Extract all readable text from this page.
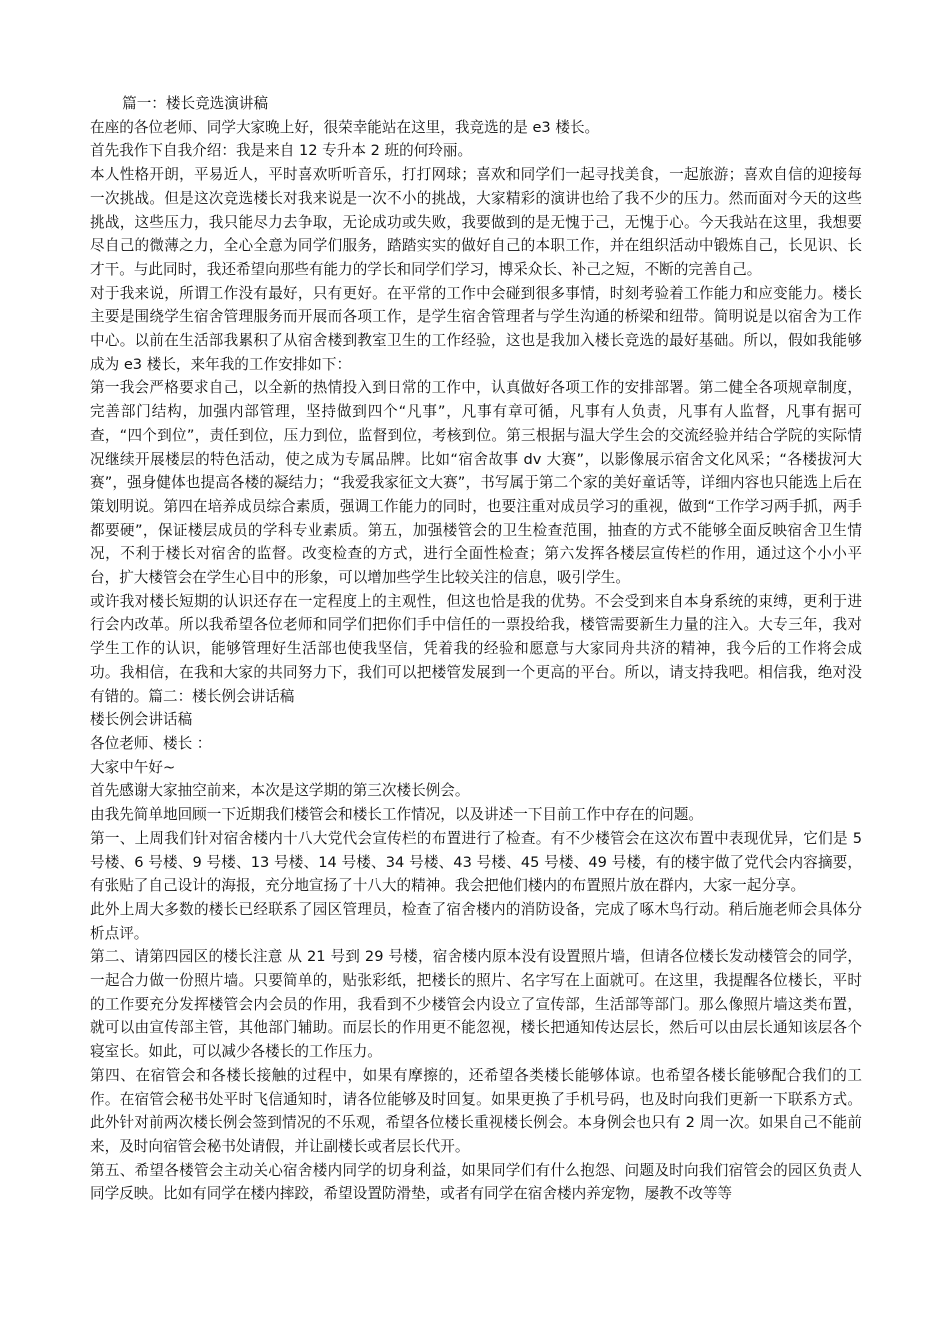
篇一：楼长竞选演讲稿

在座的各位老师、同学大家晚上好，很荣幸能站在这里，我竞选的是 e3 楼长。

首先我作下自我介绍：我是来自 12 专升本 2 班的何玲丽。

本人性格开朗，平易近人，平时喜欢听听音乐，打打网球；喜欢和同学们一起寻找美食，一起旅游；喜欢自信的迎接每一次挑战。但是这次竞选楼长对我来说是一次不小的挑战，大家精彩的演讲也给了我不少的压力。然而面对今天的这些挑战，这些压力，我只能尽力去争取，无论成功或失败，我要做到的是无愧于己，无愧于心。今天我站在这里，我想要尽自己的微薄之力，全心全意为同学们服务，踏踏实实的做好自己的本职工作，并在组织活动中锻炼自己，长见识、长才干。与此同时，我还希望向那些有能力的学长和同学们学习，博采众长、补己之短，不断的完善自己。

对于我来说，所谓工作没有最好，只有更好。在平常的工作中会碰到很多事情，时刻考验着工作能力和应变能力。楼长主要是围绕学生宿舍管理服务而开展而各项工作，是学生宿舍管理者与学生沟通的桥梁和纽带。简明说是以宿舍为工作中心。以前在生活部我累积了从宿舍楼到教室卫生的工作经验，这也是我加入楼长竞选的最好基础。所以，假如我能够成为 e3 楼长，来年我的工作安排如下：

第一我会严格要求自己，以全新的热情投入到日常的工作中，认真做好各项工作的安排部署。第二健全各项规章制度，完善部门结构，加强内部管理，坚持做到四个“凡事”，凡事有章可循，凡事有人负责，凡事有人监督，凡事有据可查，“四个到位”，责任到位，压力到位，监督到位，考核到位。第三根据与温大学生会的交流经验并结合学院的实际情况继续开展楼层的特色活动，使之成为专属品牌。比如“宿舍故事 dv 大赛”，以影像展示宿舍文化风采；“各楼拔河大赛”，强身健体也提高各楼的凝结力；“我爱我家征文大赛”，书写属于第二个家的美好童话等，详细内容也只能选上后在策划明说。第四在培养成员综合素质，强调工作能力的同时，也要注重对成员学习的重视，做到“工作学习两手抓，两手都要硬”，保证楼层成员的学科专业素质。第五，加强楼管会的卫生检查范围，抽查的方式不能够全面反映宿舍卫生情况，不利于楼长对宿舍的监督。改变检查的方式，进行全面性检查；第六发挥各楼层宣传栏的作用，通过这个小小平台，扩大楼管会在学生心目中的形象，可以增加些学生比较关注的信息，吸引学生。

或许我对楼长短期的认识还存在一定程度上的主观性，但这也恰是我的优势。不会受到来自本身系统的束缚，更利于进行会内改革。所以我希望各位老师和同学们把你们手中信任的一票投给我，楼管需要新生力量的注入。大专三年，我对学生工作的认识，能够管理好生活部也使我坚信，凭着我的经验和愿意与大家同舟共济的精神，我今后的工作将会成功。我相信，在我和大家的共同努力下，我们可以把楼管发展到一个更高的平台。所以，请支持我吧。相信我，绝对没有错的。篇二：楼长例会讲话稿

楼长例会讲话稿

各位老师、楼长 ：

大家中午好~

首先感谢大家抽空前来，本次是这学期的第三次楼长例会。

由我先简单地回顾一下近期我们楼管会和楼长工作情况，以及讲述一下目前工作中存在的问题。

第一、上周我们针对宿舍楼内十八大党代会宣传栏的布置进行了检查。有不少楼管会在这次布置中表现优异，它们是 5 号楼、6 号楼、9 号楼、13 号楼、14 号楼、34 号楼、43 号楼、45 号楼、49 号楼，有的楼宇做了党代会内容摘要，有张贴了自己设计的海报，充分地宣扬了十八大的精神。我会把他们楼内的布置照片放在群内，大家一起分享。

此外上周大多数的楼长已经联系了园区管理员，检查了宿舍楼内的消防设备，完成了啄木鸟行动。稍后施老师会具体分析点评。

第二、请第四园区的楼长注意 从 21 号到 29 号楼，宿舍楼内原本没有设置照片墙，但请各位楼长发动楼管会的同学，一起合力做一份照片墙。只要简单的，贴张彩纸，把楼长的照片、名字写在上面就可。在这里，我提醒各位楼长，平时的工作要充分发挥楼管会内会员的作用，我看到不少楼管会内设立了宣传部，生活部等部门。那么像照片墙这类布置，就可以由宣传部主管，其他部门辅助。而层长的作用更不能忽视，楼长把通知传达层长，然后可以由层长通知该层各个寝室长。如此，可以减少各楼长的工作压力。

第四、在宿管会和各楼长接触的过程中，如果有摩擦的，还希望各类楼长能够体谅。也希望各楼长能够配合我们的工作。在宿管会秘书处平时飞信通知时，请各位能够及时回复。如果更换了手机号码，也及时向我们更新一下联系方式。此外针对前两次楼长例会签到情况的不乐观，希望各位楼长重视楼长例会。本身例会也只有 2 周一次。如果自己不能前来，及时向宿管会秘书处请假，并让副楼长或者层长代开。

第五、希望各楼管会主动关心宿舍楼内同学的切身利益，如果同学们有什么抱怨、问题及时向我们宿管会的园区负责人同学反映。比如有同学在楼内摔跤，希望设置防滑垫，或者有同学在宿舍楼内养宠物，屡教不改等等
